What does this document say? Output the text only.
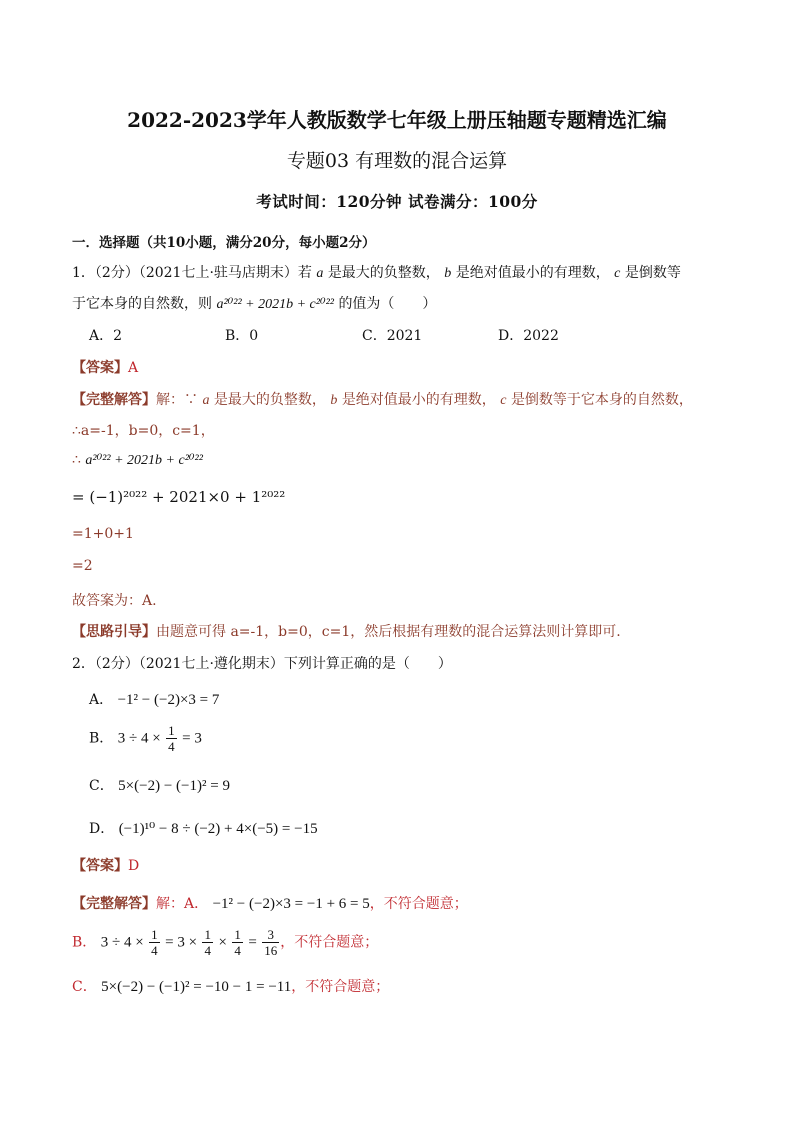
2022-2023学年人教版数学七年级上册压轴题专题精选汇编
专题03 有理数的混合运算
考试时间：120分钟 试卷满分：100分
一．选择题（共10小题，满分20分，每小题2分）
1．（2分）（2021七上·驻马店期末）若 a 是最大的负整数， b 是绝对值最小的有理数， c 是倒数等
于它本身的自然数，则 a²⁰²² + 2021b + c²⁰²² 的值为（　　）
A．2	B．0	C．2021	D．2022
【答案】A
【完整解答】解：∵ a 是最大的负整数， b 是绝对值最小的有理数， c 是倒数等于它本身的自然数，
∴a=-1，b=0，c=1，
∴ a²⁰²² + 2021b + c²⁰²²
= (−1)²⁰²² + 2021×0 + 1²⁰²²
=1+0+1
=2
故答案为：A.
【思路引导】由题意可得 a=-1，b=0，c=1，然后根据有理数的混合运算法则计算即可.
2．（2分）（2021七上·遵化期末）下列计算正确的是（　　）
A． −1² − (−2)×3 = 7
B． $3 \div 4 \times \frac{1}{4} = 3$
C． 5×(−2) − (−1)² = 9
D． (−1)¹⁰ − 8 ÷ (−2) + 4×(−5) = −15
【答案】D
【完整解答】解：A． −1² − (−2)×3 = −1 + 6 = 5，不符合题意；
B． $3 \div 4 \times \frac{1}{4} = 3 \times \frac{1}{4} \times \frac{1}{4} = \frac{3}{16}$ ，不符合题意；
C． 5×(−2) − (−1)² = −10 − 1 = −11，不符合题意；
